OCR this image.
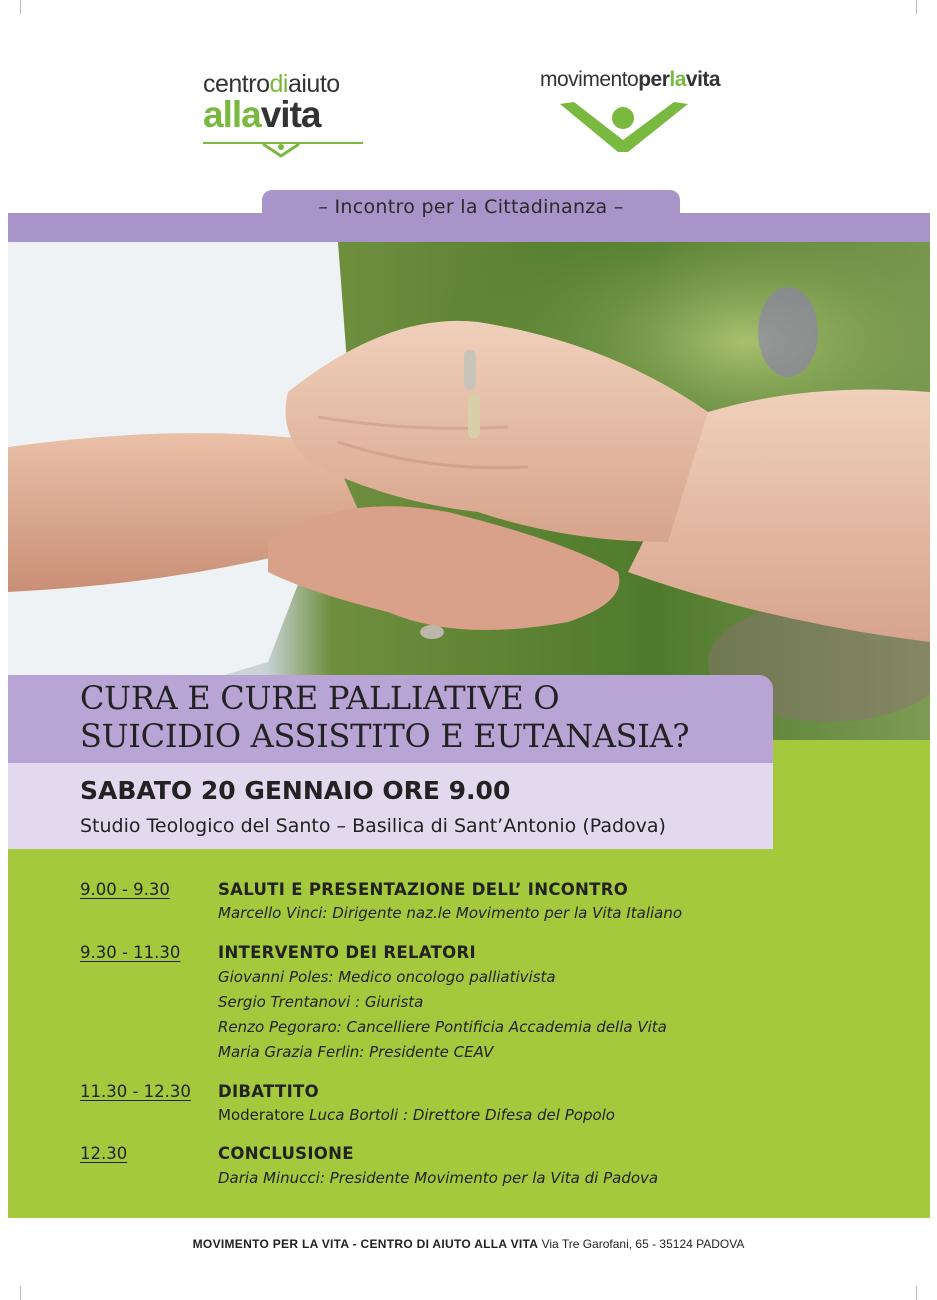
centrodiaiuto
allavita
movimentoperlavita
– Incontro per la Cittadinanza –
CURA E CURE PALLIATIVE O
SUICIDIO ASSISTITO E EUTANASIA?
SABATO 20 GENNAIO ORE 9.00
Studio Teologico del Santo – Basilica di Sant’Antonio (Padova)
9.00 - 9.30	SALUTI E PRESENTAZIONE DELL’ INCONTRO
Marcello Vinci: Dirigente naz.le Movimento per la Vita Italiano
9.30 - 11.30 INTERVENTO DEI RELATORI
Giovanni Poles: Medico oncologo palliativista
Sergio Trentanovi : Giurista
Renzo Pegoraro: Cancelliere Pontificia Accademia della Vita
Maria Grazia Ferlin: Presidente CEAV
11.30 - 12.30 DIBATTITO
Moderatore Luca Bortoli : Direttore Difesa del Popolo
12.30	CONCLUSIONE
Daria Minucci: Presidente Movimento per la Vita di Padova
MOVIMENTO PER LA VITA - CENTRO DI AIUTO ALLA VITA Via Tre Garofani, 65 - 35124 PADOVA
